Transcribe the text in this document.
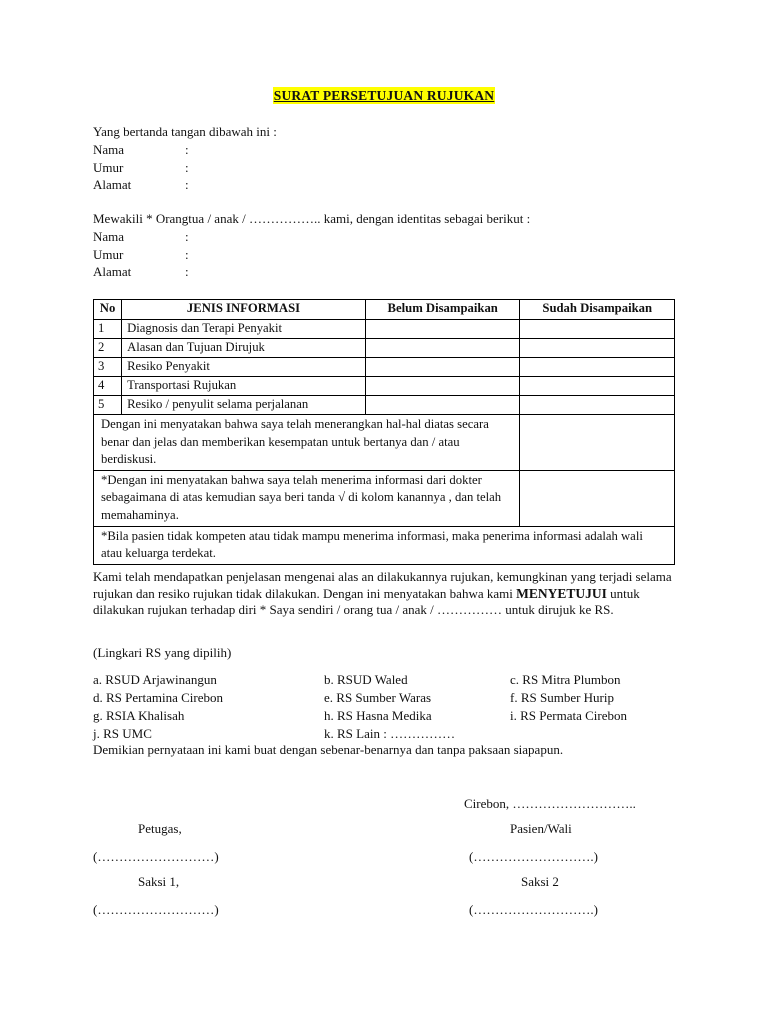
SURAT PERSETUJUAN RUJUKAN
Yang bertanda tangan dibawah ini :
Nama	:
Umur	:
Alamat	:
Mewakili * Orangtua / anak / …………….. kami, dengan identitas sebagai berikut :
Nama	:
Umur	:
Alamat	:
No	JENIS INFORMASI	Belum Disampaikan	Sudah Disampaikan
1	Diagnosis dan Terapi Penyakit		
2	Alasan dan Tujuan Dirujuk		
3	Resiko Penyakit		
4	Transportasi Rujukan		
5	Resiko / penyulit selama perjalanan		
Dengan ini menyatakan bahwa saya telah menerangkan hal-hal diatas secara benar dan jelas dan memberikan kesempatan untuk bertanya dan / atau berdiskusi.			
*Dengan ini menyatakan bahwa saya telah menerima informasi dari dokter sebagaimana di atas kemudian saya beri tanda √ di kolom kanannya , dan telah memahaminya.			
*Bila pasien tidak kompeten atau tidak mampu menerima informasi, maka penerima informasi adalah wali atau keluarga terdekat.			
Kami telah mendapatkan penjelasan mengenai alas an dilakukannya rujukan, kemungkinan yang terjadi selama rujukan dan resiko rujukan tidak dilakukan. Dengan ini menyatakan bahwa kami MENYETUJUI untuk dilakukan rujukan terhadap diri * Saya sendiri / orang tua / anak / …………… untuk dirujuk ke RS.
(Lingkari RS yang dipilih)
a. RSUD Arjawinangun	b. RSUD Waled	c. RS Mitra Plumbon
d. RS Pertamina Cirebon	e. RS Sumber Waras	f. RS Sumber Hurip
g. RSIA Khalisah	h. RS Hasna Medika	i. RS Permata Cirebon
j. RS UMC	k. RS Lain : ……………
Demikian pernyataan ini kami buat dengan sebenar-benarnya dan tanpa paksaan siapapun.
Cirebon, ………………………..
Petugas,	Pasien/Wali
(………………………)	(……………………….)
Saksi 1,	Saksi 2
(………………………)	(……………………….)
